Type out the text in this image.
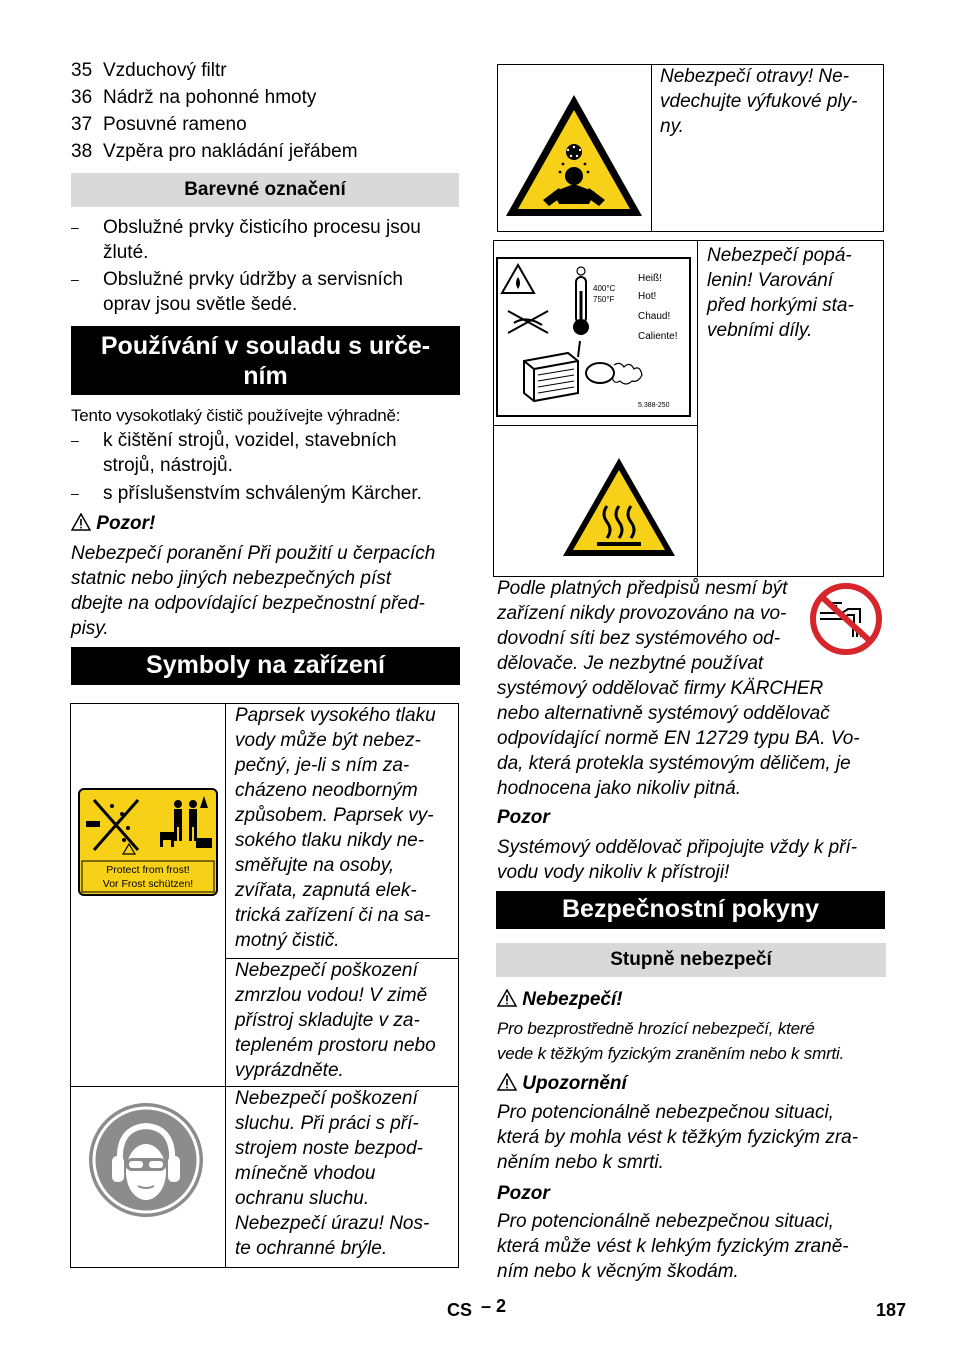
35 Vzduchový filtr
36 Nádrž na pohonné hmoty
37 Posuvné rameno
38 Vzpěra pro nakládání jeřábem
Barevné označení
– Obslužné prvky čisticího procesu jsou
žluté.
– Obslužné prvky údržby a servisních
oprav jsou světle šedé.
Používání v souladu s urče-
ním
Tento vysokotlaký čistič používejte výhradně:
– k čištění strojů, vozidel, stavebních
strojů, nástrojů.
– s příslušenstvím schváleným Kärcher.
Pozor!
Nebezpečí poranění Při použití u čerpacích
statnic nebo jiných nebezpečných píst
dbejte na odpovídající bezpečnostní před-
pisy.
Symboly na zařízení
Protect from frost!
Vor Frost schützen!
Paprsek vysokého tlaku
vody může být nebez-
pečný, je-li s ním za-
cházeno neodborným
způsobem. Paprsek vy-
sokého tlaku nikdy ne-
směřujte na osoby,
zvířata, zapnutá elek-
trická zařízení či na sa-
motný čistič.
Nebezpečí poškození
zmrzlou vodou! V zimě
přístroj skladujte v za-
tepleném prostoru nebo
vyprázdněte.
Nebezpečí poškození
sluchu. Při práci s pří-
strojem noste bezpod-
mínečně vhodou
ochranu sluchu.
Nebezpečí úrazu! Nos-
te ochranné brýle.
Nebezpečí otravy! Ne-
vdechujte výfukové ply-
ny.
400°C
750°F
Heiß!
Hot!
Chaud!
Caliente!
5.388-250
Nebezpečí popá-
lenin! Varování
před horkými sta-
vebními díly.
Podle platných předpisů nesmí být
zařízení nikdy provozováno na vo-
dovodní síti bez systémového od-
dělovače. Je nezbytné používat
systémový oddělovač firmy KÄRCHER
nebo alternativně systémový oddělovač
odpovídající normě EN 12729 typu BA. Vo-
da, která protekla systémovým děličem, je
hodnocena jako nikoliv pitná.
Pozor
Systémový oddělovač připojujte vždy k pří-
vodu vody nikoliv k přístroji!
Bezpečnostní pokyny
Stupně nebezpečí
Nebezpečí!
Pro bezprostředně hrozící nebezpečí, které
vede k těžkým fyzickým zraněním nebo k smrti.
Upozornění
Pro potencionálně nebezpečnou situaci,
která by mohla vést k těžkým fyzickým zra-
něním nebo k smrti.
Pozor
Pro potencionálně nebezpečnou situaci,
která může vést k lehkým fyzickým zraně-
ním nebo k věcným škodám.
CS – 2	187
